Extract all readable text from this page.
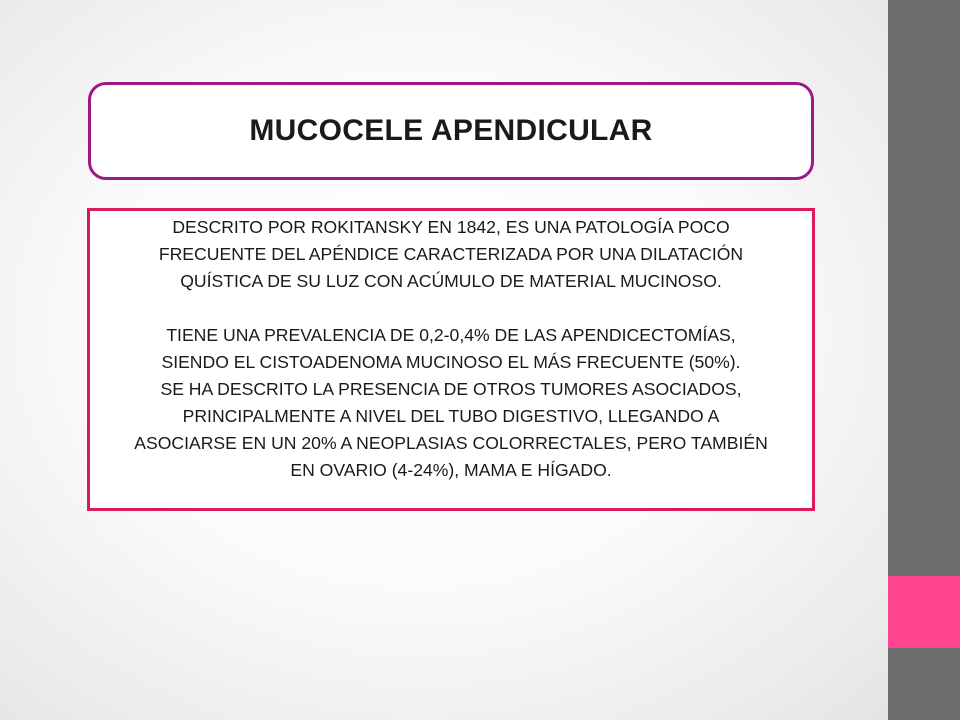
MUCOCELE APENDICULAR

DESCRITO POR ROKITANSKY EN 1842, ES UNA PATOLOGÍA POCO
FRECUENTE DEL APÉNDICE CARACTERIZADA POR UNA DILATACIÓN
QUÍSTICA DE SU LUZ CON ACÚMULO DE MATERIAL MUCINOSO.

TIENE UNA PREVALENCIA DE 0,2-0,4% DE LAS APENDICECTOMÍAS,
SIENDO EL CISTOADENOMA MUCINOSO EL MÁS FRECUENTE (50%).

SE HA DESCRITO LA PRESENCIA DE OTROS TUMORES ASOCIADOS,
PRINCIPALMENTE A NIVEL DEL TUBO DIGESTIVO, LLEGANDO A
ASOCIARSE EN UN 20% A NEOPLASIAS COLORRECTALES, PERO TAMBIÉN
EN OVARIO (4-24%), MAMA E HÍGADO.
